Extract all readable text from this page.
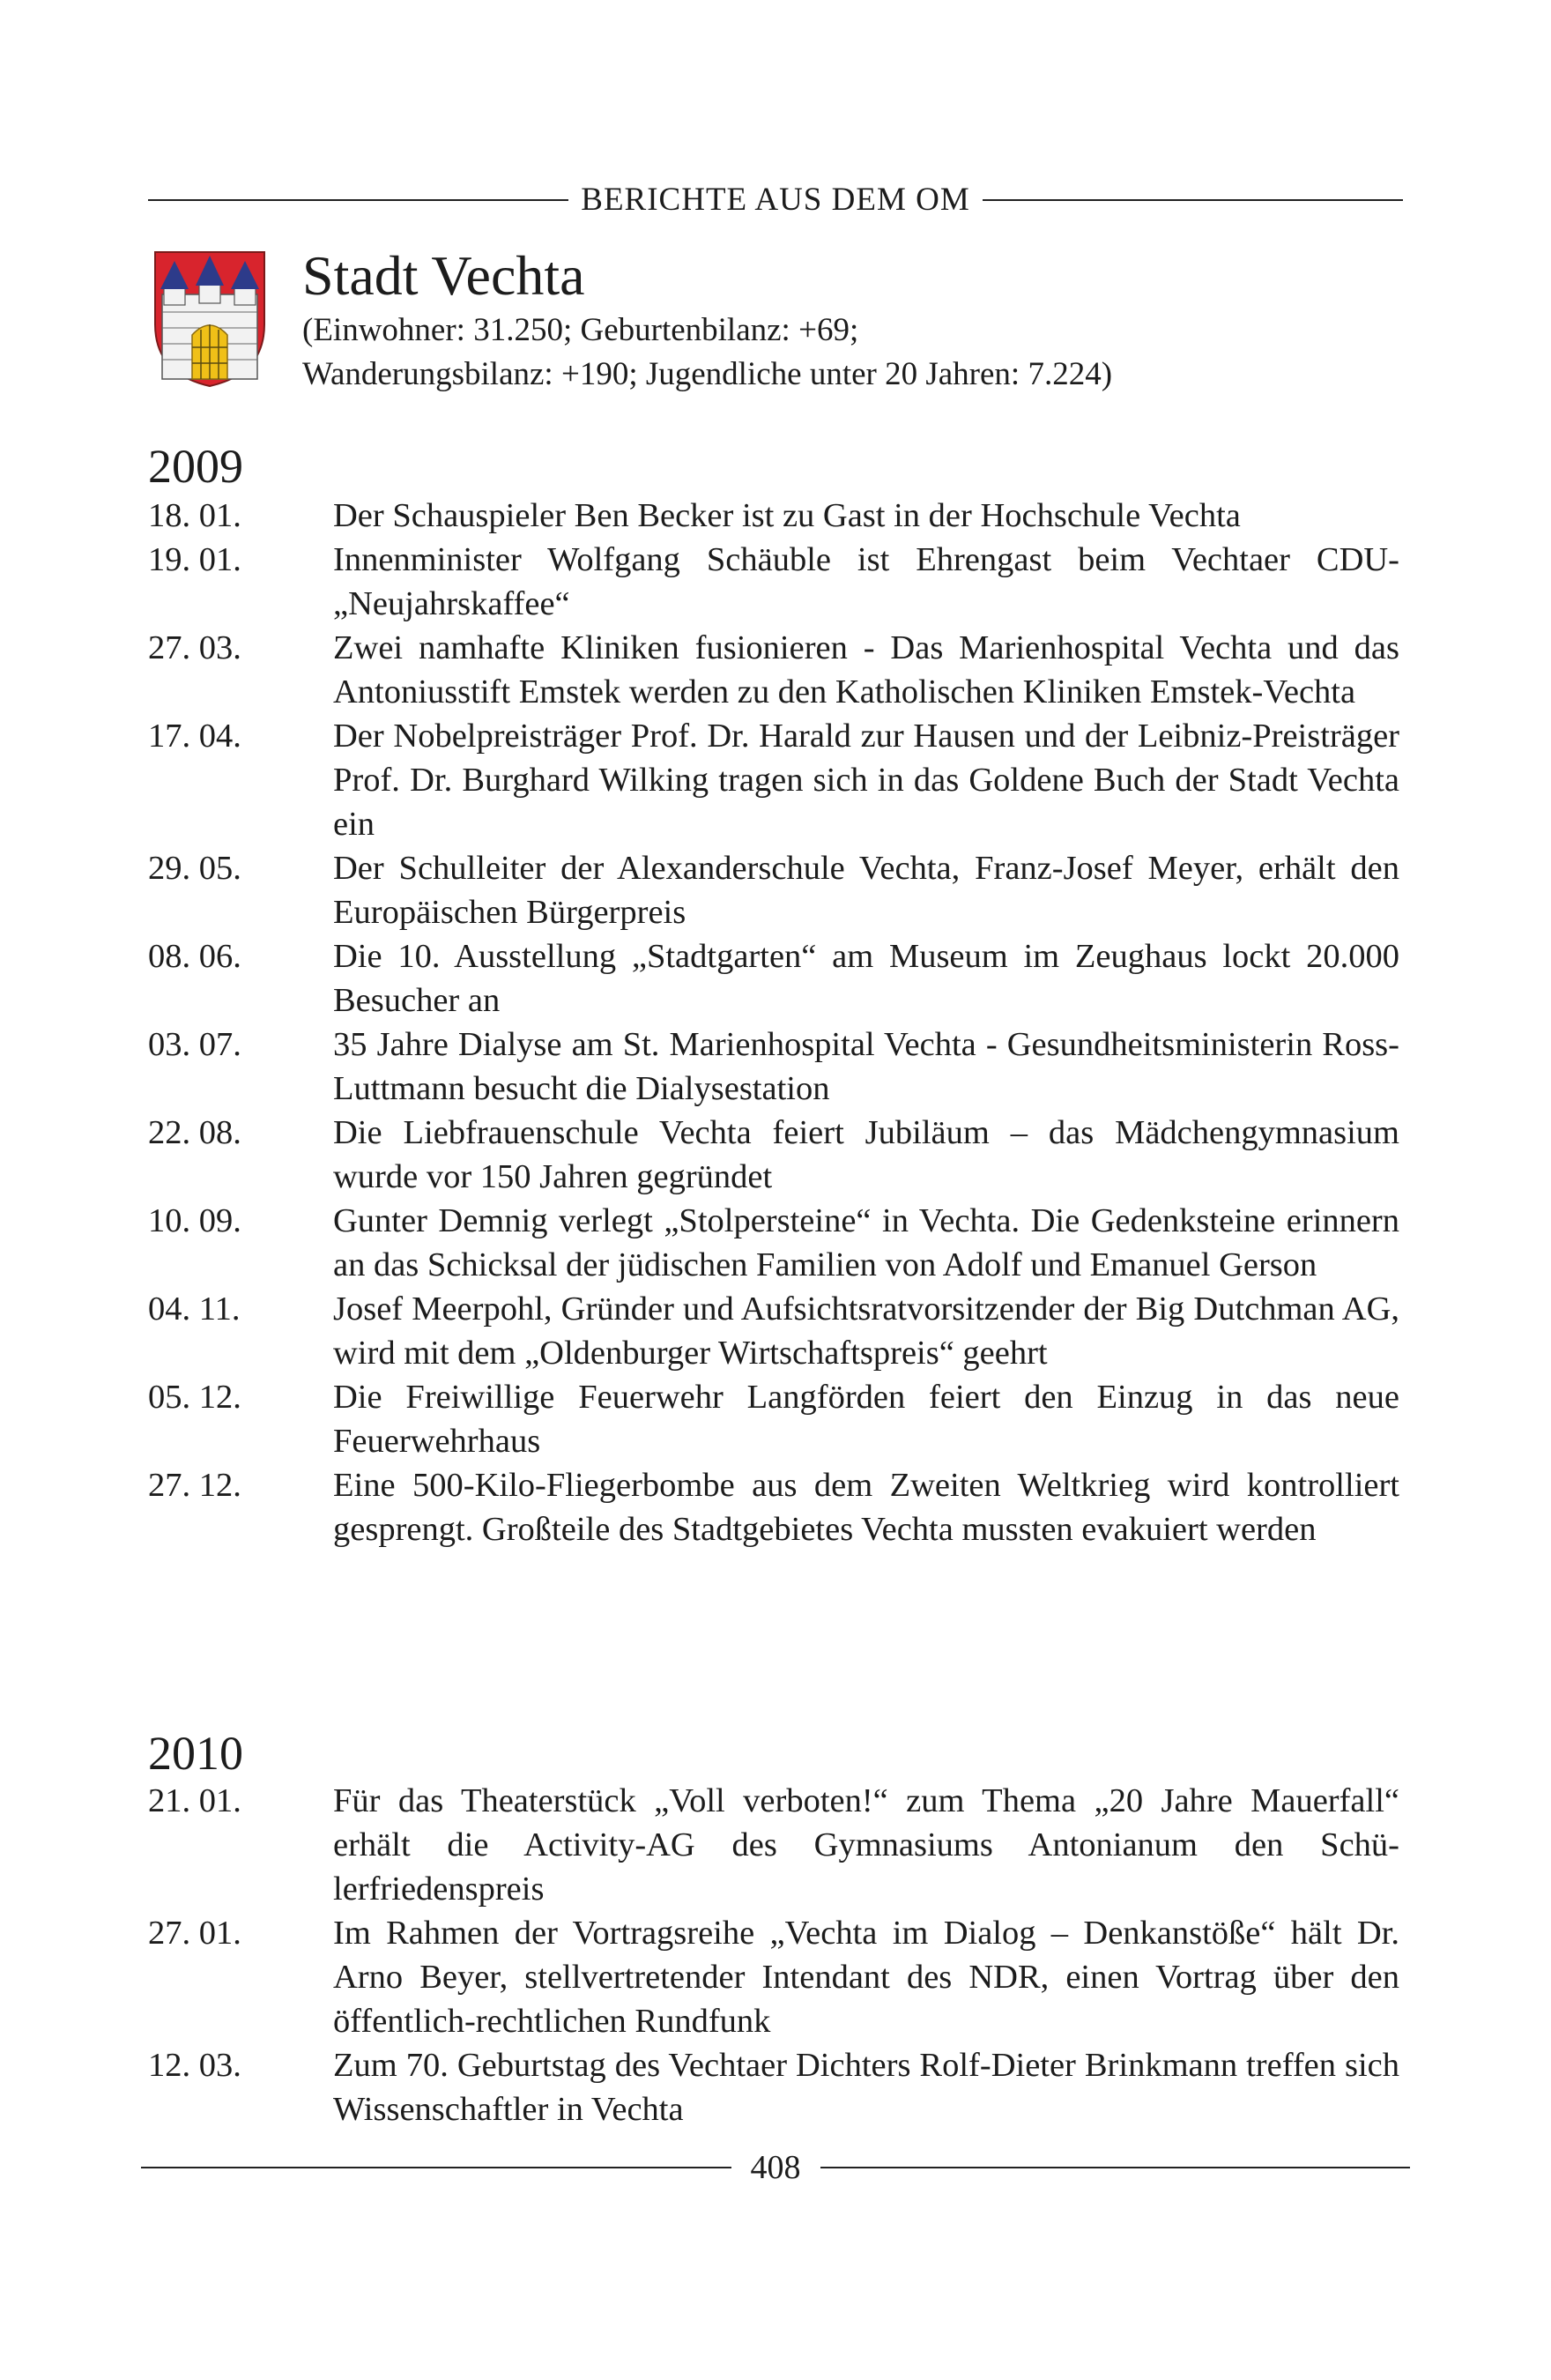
BERICHTE AUS DEM OM
Stadt Vechta
(Einwohner: 31.250; Geburtenbilanz: +69;
Wanderungsbilanz: +190; Jugendliche unter 20 Jahren: 7.224)
2009
18. 01.	Der Schauspieler Ben Becker ist zu Gast in der Hochschule Vechta
19. 01.	Innenminister Wolfgang Schäuble ist Ehrengast beim Vechtaer CDU-„Neujahrskaffee“
27. 03.	Zwei namhafte Kliniken fusionieren - Das Marienhospital Vechta und das Antoniusstift Emstek werden zu den Katholischen Kliniken Emstek-Vechta
17. 04.	Der Nobelpreisträger Prof. Dr. Harald zur Hausen und der Leibniz-Preisträger Prof. Dr. Burghard Wilking tragen sich in das Goldene Buch der Stadt Vechta ein
29. 05.	Der Schulleiter der Alexanderschule Vechta, Franz-Josef Meyer, erhält den Europäischen Bürgerpreis
08. 06.	Die 10. Ausstellung „Stadtgarten“ am Museum im Zeughaus lockt 20.000 Besucher an
03. 07.	35 Jahre Dialyse am St. Marienhospital Vechta - Gesundheitsministerin Ross-Luttmann besucht die Dialysestation
22. 08.	Die Liebfrauenschule Vechta feiert Jubiläum – das Mädchengymnasium wurde vor 150 Jahren gegründet
10. 09.	Gunter Demnig verlegt „Stolpersteine“ in Vechta. Die Gedenksteine erinnern an das Schicksal der jüdischen Familien von Adolf und Emanuel Gerson
04. 11.	Josef Meerpohl, Gründer und Aufsichtsratvorsitzender der Big Dutchman AG, wird mit dem „Oldenburger Wirtschaftspreis“ geehrt
05. 12.	Die Freiwillige Feuerwehr Langförden feiert den Einzug in das neue Feuerwehrhaus
27. 12.	Eine 500-Kilo-Fliegerbombe aus dem Zweiten Weltkrieg wird kontrolliert gesprengt. Großteile des Stadtgebietes Vechta mussten evakuiert werden
2010
21. 01.	Für das Theaterstück „Voll verboten!“ zum Thema „20 Jahre Mauerfall“ erhält die Activity-AG des Gymnasiums Antonianum den Schülerfriedenspreis
27. 01.	Im Rahmen der Vortragsreihe „Vechta im Dialog – Denkanstöße“ hält Dr. Arno Beyer, stellvertretender Intendant des NDR, einen Vortrag über den öffentlich-rechtlichen Rundfunk
12. 03.	Zum 70. Geburtstag des Vechtaer Dichters Rolf-Dieter Brinkmann treffen sich Wissenschaftler in Vechta
408
